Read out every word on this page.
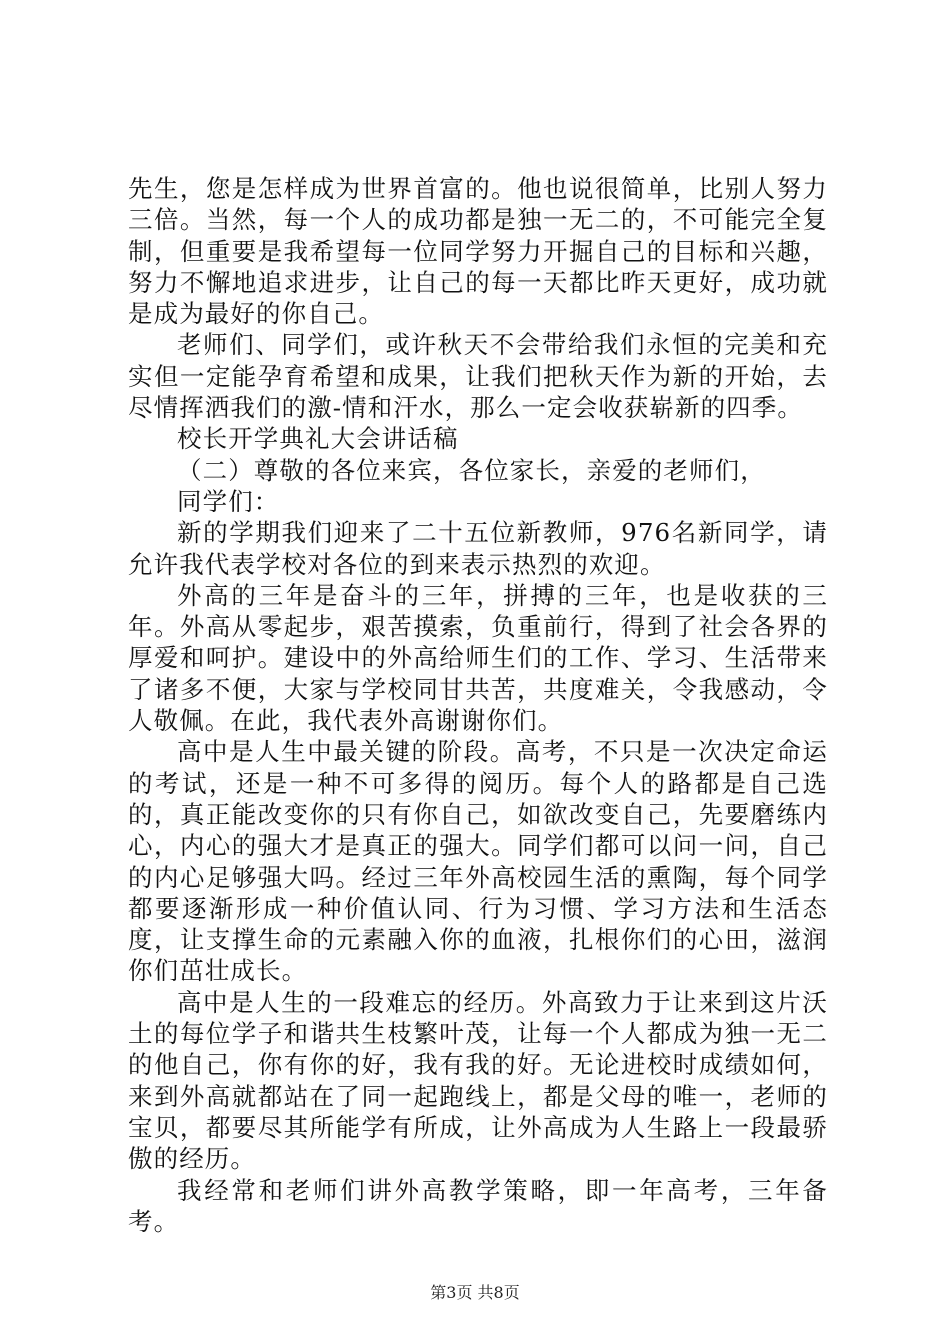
先生，您是怎样成为世界首富的。他也说很简单，比别人努力三倍。当然，每一个人的成功都是独一无二的，不可能完全复制，但重要是我希望每一位同学努力开掘自己的目标和兴趣，努力不懈地追求进步，让自己的每一天都比昨天更好，成功就是成为最好的你自己。

老师们、同学们，或许秋天不会带给我们永恒的完美和充实但一定能孕育希望和成果，让我们把秋天作为新的开始，去尽情挥洒我们的激-情和汗水，那么一定会收获崭新的四季。

校长开学典礼大会讲话稿

（二）尊敬的各位来宾，各位家长，亲爱的老师们，

同学们：

新的学期我们迎来了二十五位新教师，976名新同学，请允许我代表学校对各位的到来表示热烈的欢迎。

外高的三年是奋斗的三年，拼搏的三年，也是收获的三年。外高从零起步，艰苦摸索，负重前行，得到了社会各界的厚爱和呵护。建设中的外高给师生们的工作、学习、生活带来了诸多不便，大家与学校同甘共苦，共度难关，令我感动，令人敬佩。在此，我代表外高谢谢你们。

高中是人生中最关键的阶段。高考，不只是一次决定命运的考试，还是一种不可多得的阅历。每个人的路都是自己选的，真正能改变你的只有你自己，如欲改变自己，先要磨练内心，内心的强大才是真正的强大。同学们都可以问一问，自己的内心足够强大吗。经过三年外高校园生活的熏陶，每个同学都要逐渐形成一种价值认同、行为习惯、学习方法和生活态度，让支撑生命的元素融入你的血液，扎根你们的心田，滋润你们茁壮成长。

高中是人生的一段难忘的经历。外高致力于让来到这片沃土的每位学子和谐共生枝繁叶茂，让每一个人都成为独一无二的他自己，你有你的好，我有我的好。无论进校时成绩如何，来到外高就都站在了同一起跑线上，都是父母的唯一，老师的宝贝，都要尽其所能学有所成，让外高成为人生路上一段最骄傲的经历。

我经常和老师们讲外高教学策略，即一年高考，三年备考。

第3页 共8页
